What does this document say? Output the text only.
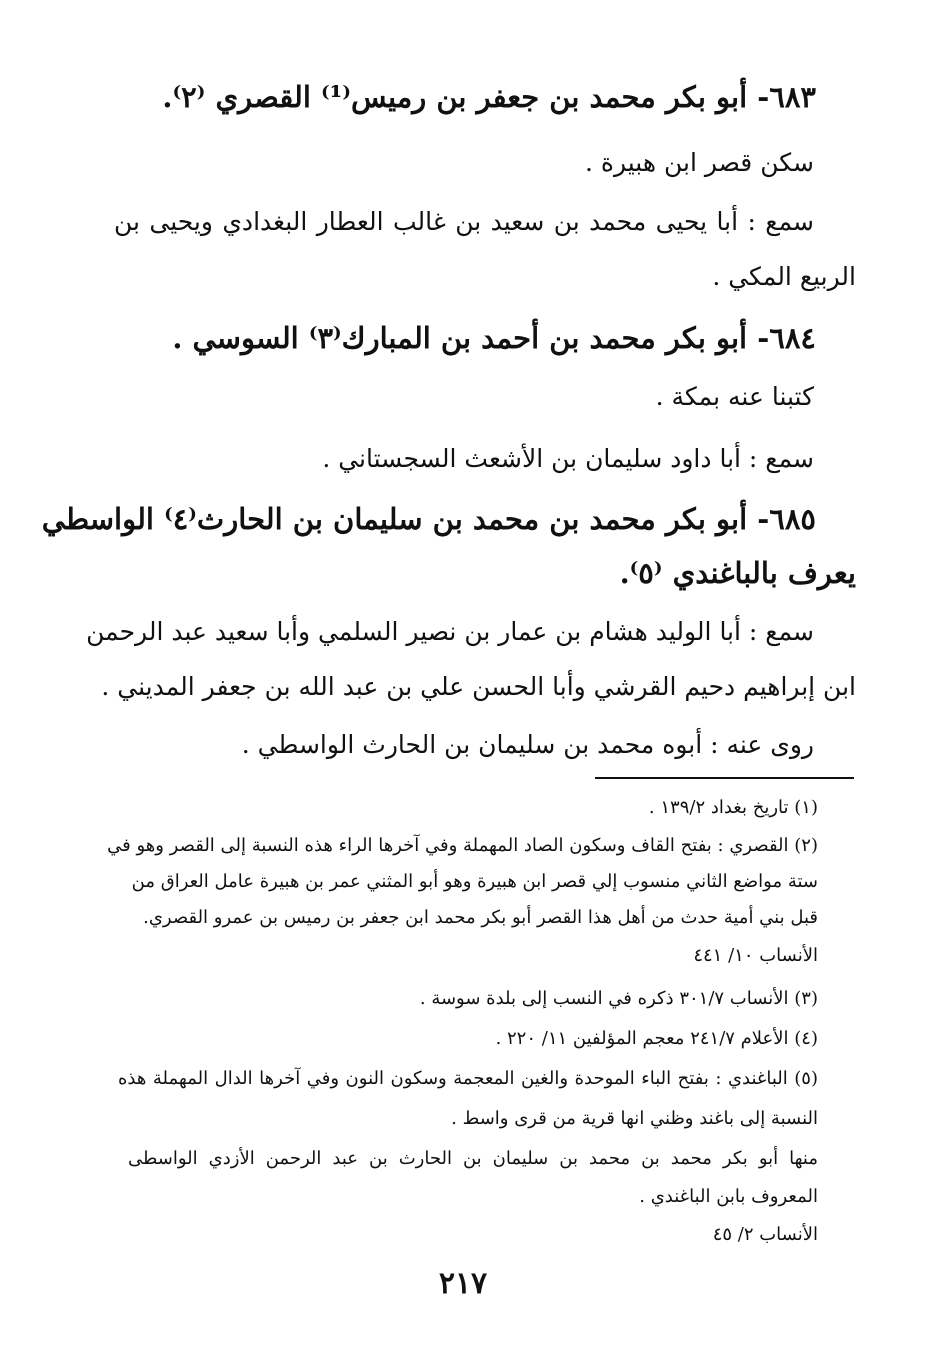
٦٨٣- أبو بكر محمد بن جعفر بن رميس⁽¹⁾ القصري ⁽٢⁾.

سكن قصر ابن هبيرة .

سمع : أبا يحيى محمد بن سعيد بن غالب العطار البغدادي ويحيى بن

الربيع المكي .

٦٨٤- أبو بكر محمد بن أحمد بن المبارك⁽٣⁾ السوسي .

كتبنا عنه بمكة .

سمع : أبا داود سليمان بن الأشعث السجستاني .

٦٨٥- أبو بكر محمد بن محمد بن سليمان بن الحارث⁽٤⁾ الواسطي

يعرف بالباغندي ⁽٥⁾.

سمع : أبا الوليد هشام بن عمار بن نصير السلمي وأبا سعيد عبد الرحمن

ابن إبراهيم دحيم القرشي وأبا الحسن علي بن عبد الله بن جعفر المديني .

روى عنه : أبوه محمد بن سليمان بن الحارث الواسطي .

(١) تاريخ بغداد ١٣٩/٢ .

(٢) القصري : بفتح القاف وسكون الصاد المهملة وفي آخرها الراء هذه النسبة إلى القصر وهو في

ستة مواضع الثاني منسوب إلي قصر ابن هبيرة وهو أبو المثني عمر بن هبيرة عامل العراق من

قبل بني أمية حدث من أهل هذا القصر أبو بكر محمد ابن جعفر بن رميس بن عمرو القصري.

الأنساب ١٠/ ٤٤١

(٣) الأنساب ٣٠١/٧ ذكره في النسب إلى بلدة سوسة .

(٤) الأعلام ٢٤١/٧ معجم المؤلفين ١١/ ٢٢٠ .

(٥) الباغندي : بفتح الباء الموحدة والغين المعجمة وسكون النون وفي آخرها الدال المهملة هذه

النسبة إلى باغند وظني انها قرية من قرى واسط .

منها أبو بكر محمد بن محمد بن سليمان بن الحارث بن عبد الرحمن الأزدي الواسطى

المعروف بابن الباغندي .

الأنساب ٢/ ٤٥

٢١٧
